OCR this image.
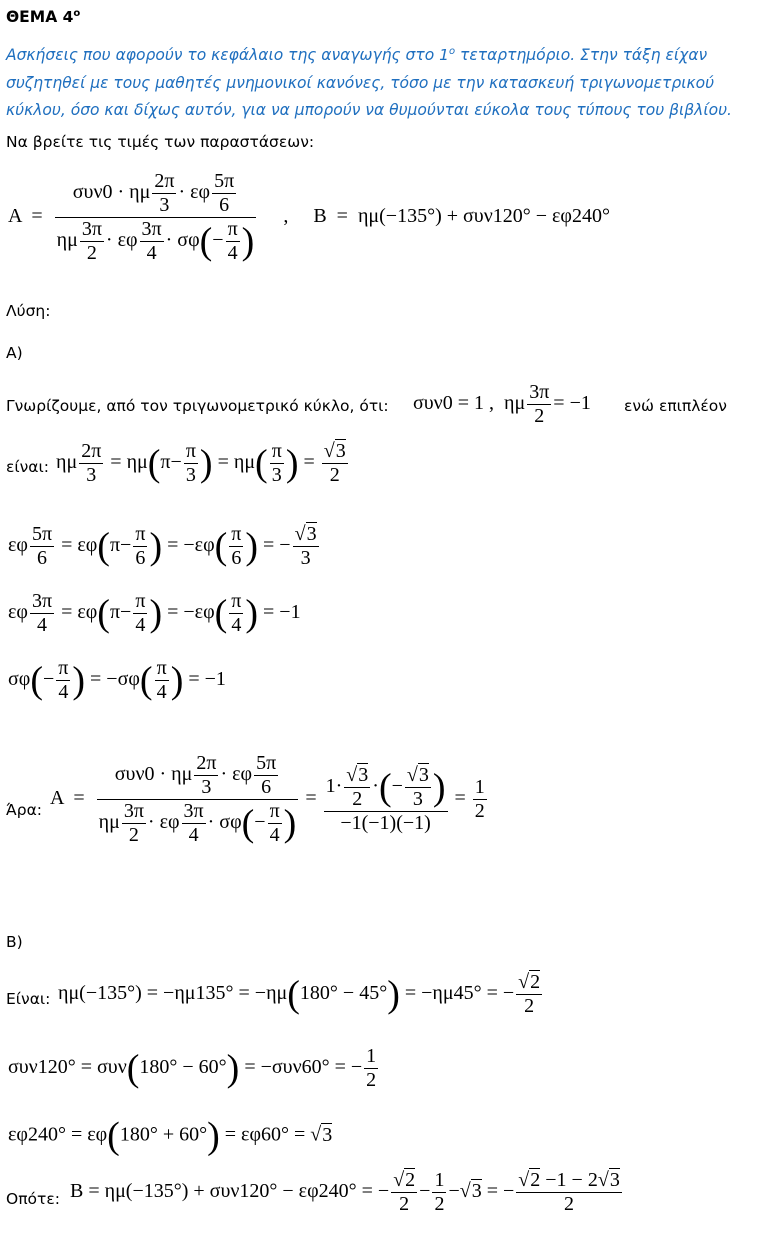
ΘΕΜΑ $4^o$
Ασκήσεις που αφορούν το κεφάλαιο της αναγωγής στο $1^o$ τεταρτημόριο. Στην τάξη είχαν συζητηθεί με τους μαθητές μνημονικοί κανόνες, τόσο με την κατασκευή τριγωνομετρικού κύκλου, όσο και δίχως αυτόν, για να μπορούν να θυμούνται εύκολα τους τύπους του βιβλίου.
Να βρείτε τις τιμές των παραστάσεων:
$A = \frac{\sigma\upsilon\nu 0 \cdot \eta\mu \frac{2\pi}{3} \cdot \varepsilon\varphi \frac{5\pi}{6}}{\eta\mu \frac{3\pi}{2} \cdot \varepsilon\varphi \frac{3\pi}{4} \cdot \sigma\varphi(- \frac{\pi}{4} )}$ ,     B  =  ημ(−135°) + συν120° − εφ240°
Λύση:
Α)
Γνωρίζουμε, από τον τριγωνομετρικό κύκλο, ότι: συν0 = 1 ,  ημ $\frac{3\pi}{2} = -1$ ενώ επιπλέον
είναι: ημ $\frac{2\pi}{3} = \eta\mu(\pi- \frac{\pi}{3}$ ) = $\eta\mu( \frac{\pi}{3}$ ) = $\frac{√3}{2}$
εφ $\frac{5\pi}{6} = \varepsilon\varphi(\pi- \frac{\pi}{6}$ ) = $-\varepsilon\varphi( \frac{\pi}{6}$ ) = − $\frac{√3}{3}$
εφ $\frac{3\pi}{4} = \varepsilon\varphi(\pi- \frac{\pi}{4}$ ) = $-\varepsilon\varphi( \frac{\pi}{4}$ ) = −1
$\sigma\varphi(- \frac{\pi}{4}$ ) = $-\sigma\varphi( \frac{\pi}{4}$ ) = −1
Άρα:
$A = \frac{\sigma\upsilon\nu 0 \cdot \eta\mu \frac{2\pi}{3} \cdot \varepsilon\varphi \frac{5\pi}{6}}{\eta\mu \frac{3\pi}{2} \cdot \varepsilon\varphi \frac{3\pi}{4} \cdot \sigma\varphi(- \frac{\pi}{4} )} = \frac{1\cdot \frac{√3}{2} \cdot(- \frac{√3}{3} )}{-1(-1)(-1)} = \frac{1}{2}$
Β)
Είναι: ημ(−135°) = −ημ135° = −ημ(180° − 45°) = −ημ45° = − $\frac{√2}{2}$
συν120° = συν(180° − 60°) = −συν60° = − $\frac{1}{2}$
εφ240° = εφ(180° + 60°) = εφ60° = √3
Οπότε: B = ημ(−135°) + συν120° − εφ240° = − $\frac{√2}{2} - \frac{1}{2} -√3$ = − $\frac{√2 -1 - 2√3}{2}$
